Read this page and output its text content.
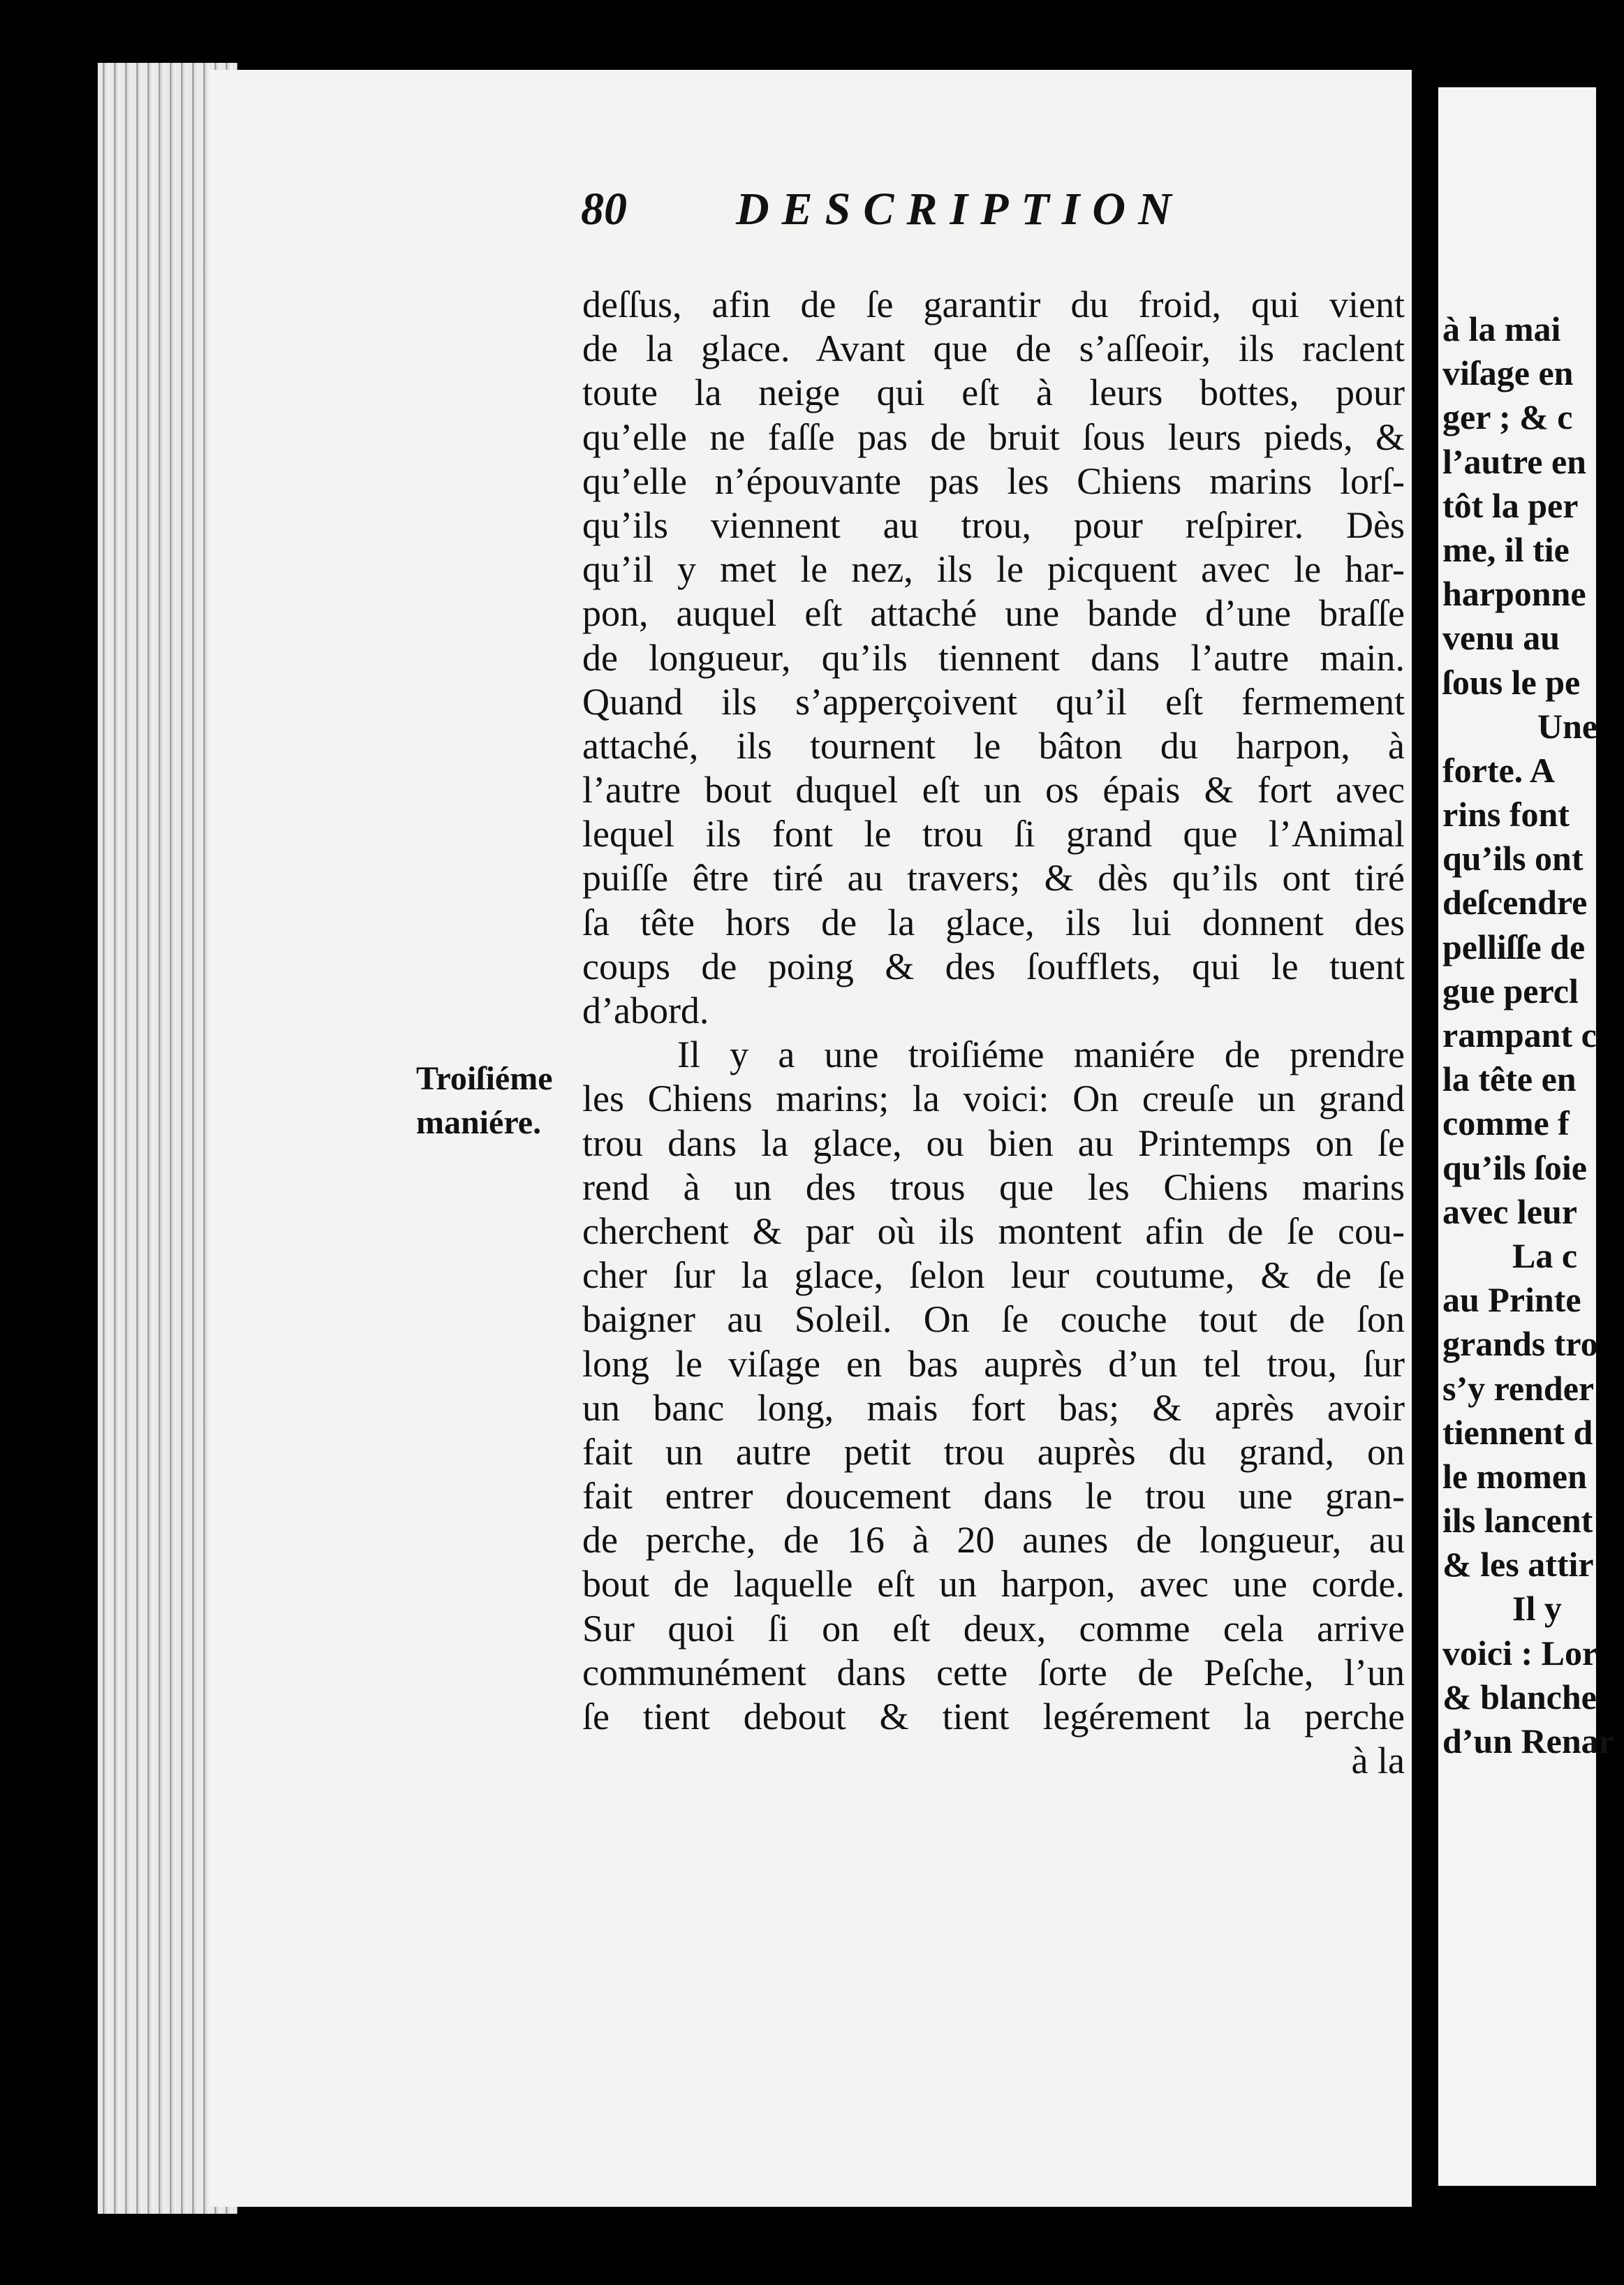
80 DESCRIPTION
Troiſiéme
maniére.
deſſus, afin de ſe garantir du froid, qui vient
de la glace. Avant que de s’aſſeoir, ils raclent
toute la neige qui eſt à leurs bottes, pour
qu’elle ne faſſe pas de bruit ſous leurs pieds, &
qu’elle n’épouvante pas les Chiens marins lorſ-
qu’ils viennent au trou, pour reſpirer. Dès
qu’il y met le nez, ils le picquent avec le har-
pon, auquel eſt attaché une bande d’une braſſe
de longueur, qu’ils tiennent dans l’autre main.
Quand ils s’apperçoivent qu’il eſt fermement
attaché, ils tournent le bâton du harpon, à
l’autre bout duquel eſt un os épais & fort avec
lequel ils font le trou ſi grand que l’Animal
puiſſe être tiré au travers; & dès qu’ils ont tiré
ſa tête hors de la glace, ils lui donnent des
coups de poing & des ſoufflets, qui le tuent
d’abord.
Il y a une troiſiéme maniére de prendre
les Chiens marins; la voici: On creuſe un grand
trou dans la glace, ou bien au Printemps on ſe
rend à un des trous que les Chiens marins
cherchent & par où ils montent afin de ſe cou-
cher ſur la glace, ſelon leur coutume, & de ſe
baigner au Soleil. On ſe couche tout de ſon
long le viſage en bas auprès d’un tel trou, ſur
un banc long, mais fort bas; & après avoir
fait un autre petit trou auprès du grand, on
fait entrer doucement dans le trou une gran-
de perche, de 16 à 20 aunes de longueur, au
bout de laquelle eſt un harpon, avec une corde.
Sur quoi ſi on eſt deux, comme cela arrive
communément dans cette ſorte de Peſche, l’un
ſe tient debout & tient legérement la perche
à la
à la mai
viſage en
ger ; & c
l’autre en
tôt la per
me, il tie
harponne
venu au
ſous le pe
Une
forte. A
rins font
qu’ils ont
deſcendre
pelliſſe de
gue percl
rampant c
la tête en
comme f
qu’ils ſoie
avec leur
La c
au Printe
grands tro
s’y render
tiennent d
le momen
ils lancent
& les attir
Il y
voici : Lor
& blanche
d’un Renar
